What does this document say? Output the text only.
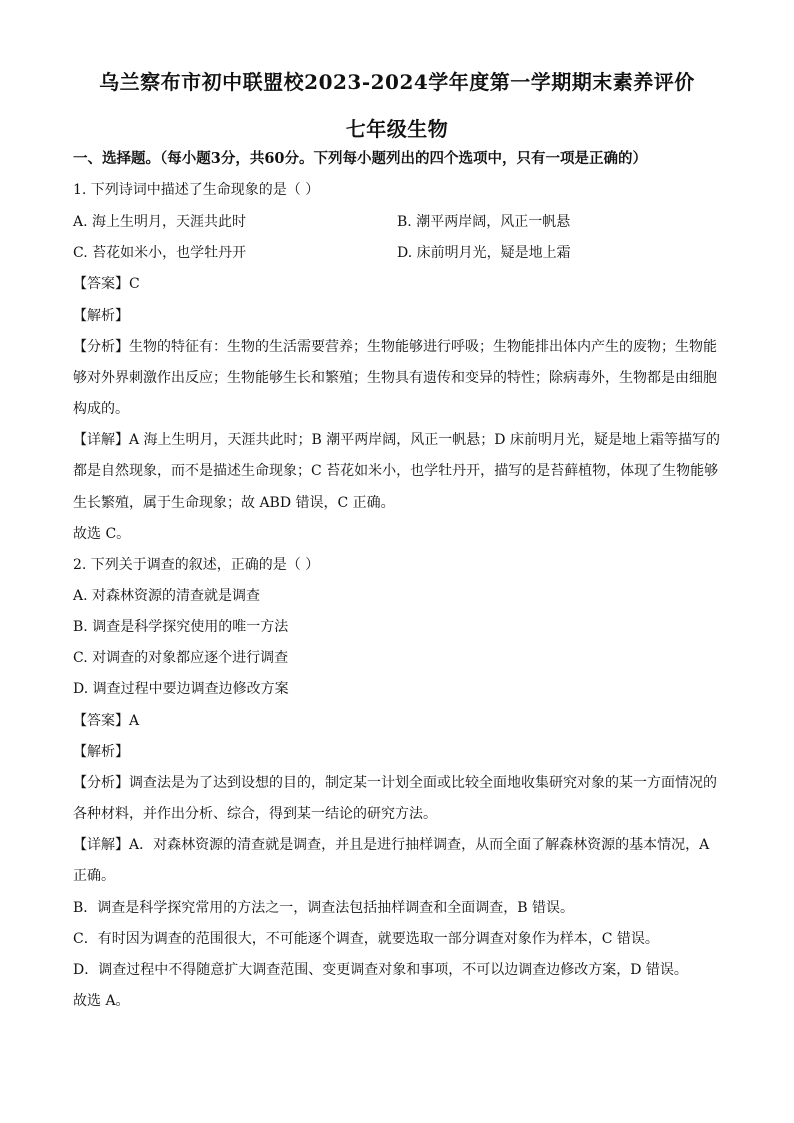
乌兰察布市初中联盟校2023-2024学年度第一学期期末素养评价
七年级生物
一、选择题。（每小题3分，共60分。下列每小题列出的四个选项中，只有一项是正确的）
1. 下列诗词中描述了生命现象的是（ ）
A. 海上生明月，天涯共此时	B. 潮平两岸阔，风正一帆悬
C. 苔花如米小，也学牡丹开	D. 床前明月光，疑是地上霜
【答案】C
【解析】
【分析】生物的特征有：生物的生活需要营养；生物能够进行呼吸；生物能排出体内产生的废物；生物能
够对外界刺激作出反应；生物能够生长和繁殖；生物具有遗传和变异的特性；除病毒外，生物都是由细胞
构成的。
【详解】A 海上生明月，天涯共此时；B 潮平两岸阔，风正一帆悬；D 床前明月光，疑是地上霜等描写的
都是自然现象，而不是描述生命现象；C 苔花如米小，也学牡丹开，描写的是苔藓植物，体现了生物能够
生长繁殖，属于生命现象；故 ABD 错误，C 正确。
故选 C。
2. 下列关于调查的叙述，正确的是（ ）
A. 对森林资源的清查就是调查
B. 调查是科学探究使用的唯一方法
C. 对调查的对象都应逐个进行调查
D. 调查过程中要边调查边修改方案
【答案】A
【解析】
【分析】调查法是为了达到设想的目的，制定某一计划全面或比较全面地收集研究对象的某一方面情况的
各种材料，并作出分析、综合，得到某一结论的研究方法。
【详解】A．对森林资源的清查就是调查，并且是进行抽样调查，从而全面了解森林资源的基本情况，A
正确。
B．调查是科学探究常用的方法之一，调查法包括抽样调查和全面调查，B 错误。
C．有时因为调查的范围很大，不可能逐个调查，就要选取一部分调查对象作为样本，C 错误。
D．调查过程中不得随意扩大调查范围、变更调查对象和事项，不可以边调查边修改方案，D 错误。
故选 A。
